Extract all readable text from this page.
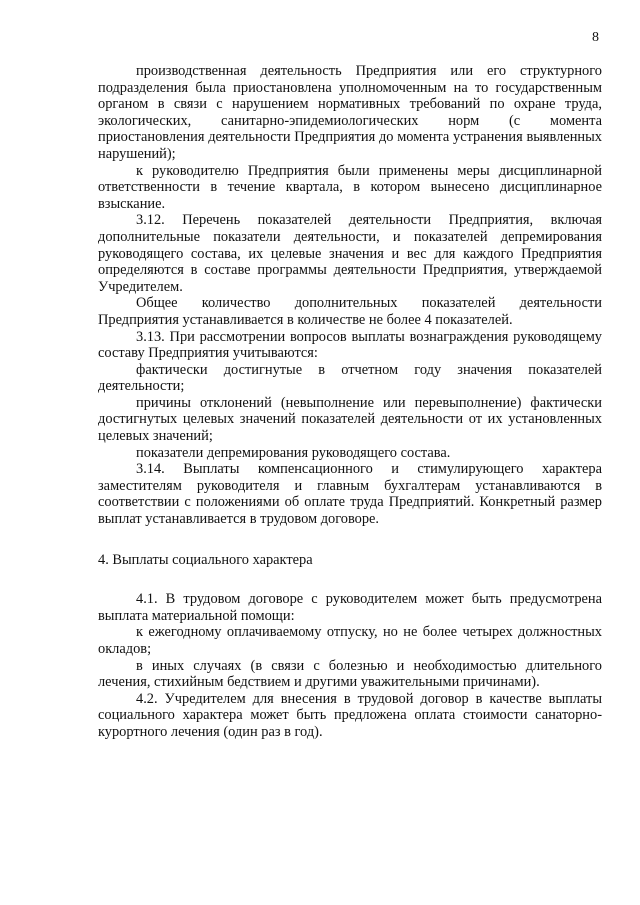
8

производственная деятельность Предприятия или его структурного подразделения была приостановлена уполномоченным на то государственным органом в связи с нарушением нормативных требований по охране труда, экологических, санитарно-эпидемиологических норм (с момента приостановления деятельности Предприятия до момента устранения выявленных нарушений);

к руководителю Предприятия были применены меры дисциплинарной ответственности в течение квартала, в котором вынесено дисциплинарное взыскание.

3.12. Перечень показателей деятельности Предприятия, включая дополнительные показатели деятельности, и показателей депремирования руководящего состава, их целевые значения и вес для каждого Предприятия определяются в составе программы деятельности Предприятия, утверждаемой Учредителем.

Общее количество дополнительных показателей деятельности Предприятия устанавливается в количестве не более 4 показателей.

3.13. При рассмотрении вопросов выплаты вознаграждения руководящему составу Предприятия учитываются:

фактически достигнутые в отчетном году значения показателей деятельности;

причины отклонений (невыполнение или перевыполнение) фактически достигнутых целевых значений показателей деятельности от их установленных целевых значений;

показатели депремирования руководящего состава.

3.14. Выплаты компенсационного и стимулирующего характера заместителям руководителя и главным бухгалтерам устанавливаются в соответствии с положениями об оплате труда Предприятий. Конкретный размер выплат устанавливается в трудовом договоре.

4. Выплаты социального характера

4.1. В трудовом договоре с руководителем может быть предусмотрена выплата материальной помощи:

к ежегодному оплачиваемому отпуску, но не более четырех должностных окладов;

в иных случаях (в связи с болезнью и необходимостью длительного лечения, стихийным бедствием и другими уважительными причинами).

4.2. Учредителем для внесения в трудовой договор в качестве выплаты социального характера может быть предложена оплата стоимости санаторно-курортного лечения (один раз в год).
